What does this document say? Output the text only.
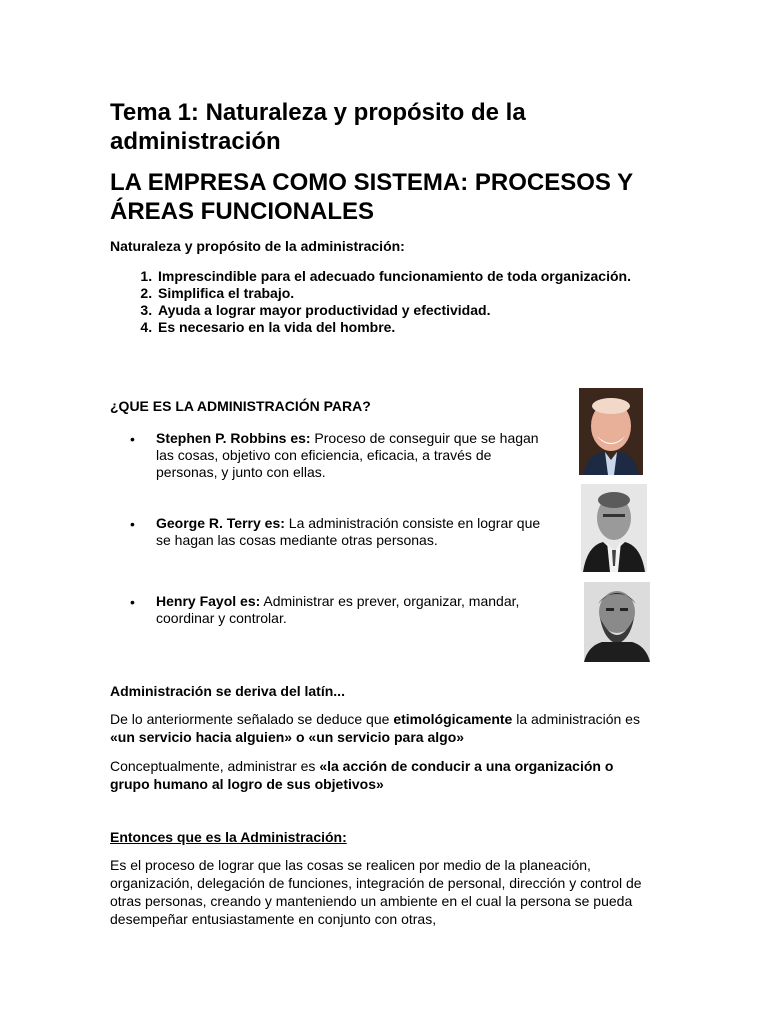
Tema 1: Naturaleza y propósito de la administración
LA EMPRESA COMO SISTEMA: PROCESOS Y ÁREAS FUNCIONALES

Naturaleza y propósito de la administración:

1. Imprescindible para el adecuado funcionamiento de toda organización.
2. Simplifica el trabajo.
3. Ayuda a lograr mayor productividad y efectividad.
4. Es necesario en la vida del hombre.

¿QUE ES LA ADMINISTRACIÓN PARA?

• Stephen P. Robbins es: Proceso de conseguir que se hagan las cosas, objetivo con eficiencia, eficacia, a través de personas, y junto con ellas.
• George R. Terry es: La administración consiste en lograr que se hagan las cosas mediante otras personas.
• Henry Fayol es: Administrar es prever, organizar, mandar, coordinar y controlar.

Administración se deriva del latín...

De lo anteriormente señalado se deduce que etimológicamente la administración es «un servicio hacia alguien» o «un servicio para algo»

Conceptualmente, administrar es «la acción de conducir a una organización o grupo humano al logro de sus objetivos»

Entonces que es la Administración:

Es el proceso de lograr que las cosas se realicen por medio de la planeación, organización, delegación de funciones, integración de personal, dirección y control de otras personas, creando y manteniendo un ambiente en el cual la persona se pueda desempeñar entusiastamente en conjunto con otras,
